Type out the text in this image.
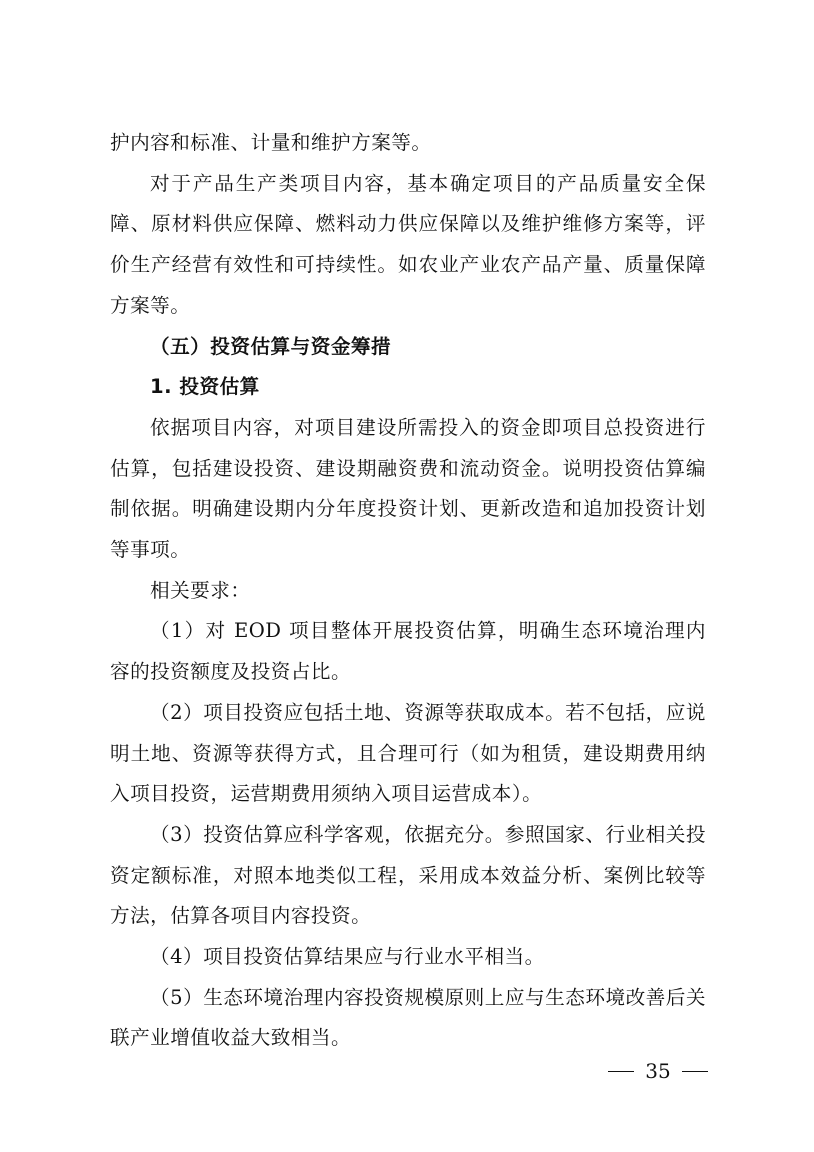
护内容和标准、计量和维护方案等。

对于产品生产类项目内容，基本确定项目的产品质量安全保障、原材料供应保障、燃料动力供应保障以及维护维修方案等，评价生产经营有效性和可持续性。如农业产业农产品产量、质量保障方案等。

（五）投资估算与资金筹措

1. 投资估算

依据项目内容，对项目建设所需投入的资金即项目总投资进行估算，包括建设投资、建设期融资费和流动资金。说明投资估算编制依据。明确建设期内分年度投资计划、更新改造和追加投资计划等事项。

相关要求：

（1）对 EOD 项目整体开展投资估算，明确生态环境治理内容的投资额度及投资占比。

（2）项目投资应包括土地、资源等获取成本。若不包括，应说明土地、资源等获得方式，且合理可行（如为租赁，建设期费用纳入项目投资，运营期费用须纳入项目运营成本）。

（3）投资估算应科学客观，依据充分。参照国家、行业相关投资定额标准，对照本地类似工程，采用成本效益分析、案例比较等方法，估算各项目内容投资。

（4）项目投资估算结果应与行业水平相当。

（5）生态环境治理内容投资规模原则上应与生态环境改善后关联产业增值收益大致相当。

35
